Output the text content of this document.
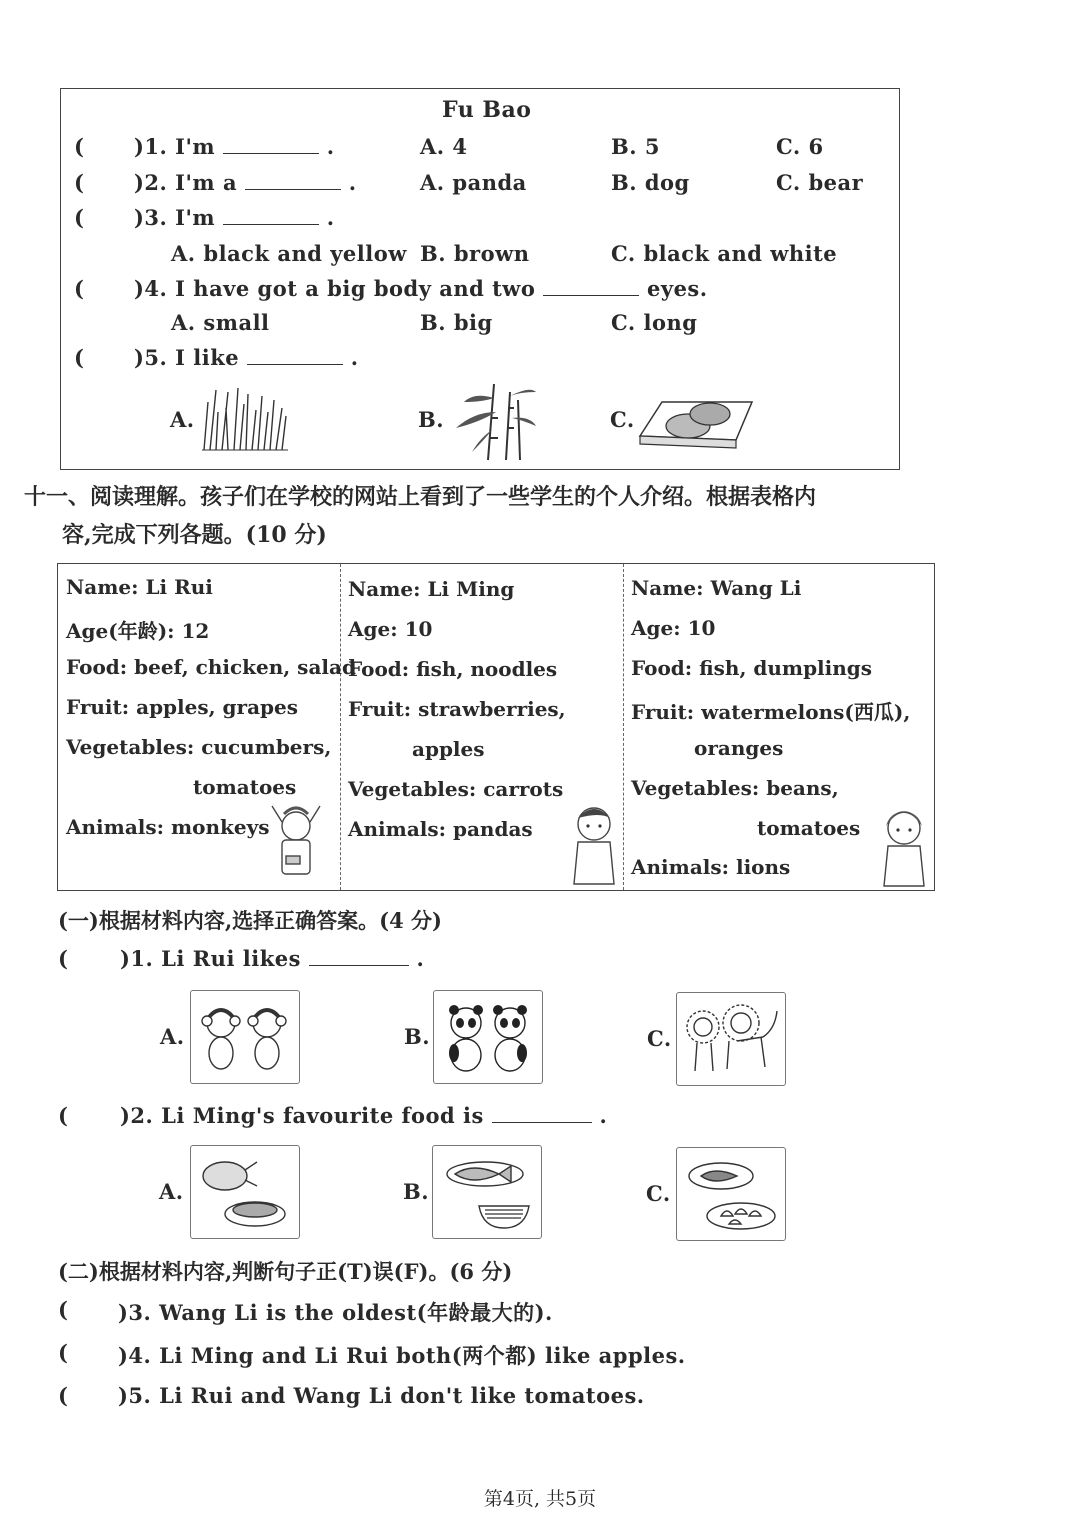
Fu Bao
( )1. I'm	.	A. 4	B. 5	C. 6
( )2. I'm a	.	A. panda	B. dog	C. bear
( )3. I'm	.
A. black and yellow B. brown	C. black and white
( )4. I have got a big body and two	eyes.
A. small	B. big	C. long
( )5. I like	.
A.	B.	C.
十一、阅读理解。孩子们在学校的网站上看到了一些学生的个人介绍。根据表格内
容,完成下列各题。(10 分)
Name: Li Rui
Age(年龄): 12
Food: beef, chicken, salad
Fruit: apples, grapes
Vegetables: cucumbers,
tomatoes
Animals: monkeys
Name: Li Ming
Age: 10
Food: fish, noodles
Fruit: strawberries,
apples
Vegetables: carrots
Animals: pandas
Name: Wang Li
Age: 10
Food: fish, dumplings
Fruit: watermelons(西瓜),
oranges
Vegetables: beans,
tomatoes
Animals: lions
(一)根据材料内容,选择正确答案。(4 分)
( )1. Li Rui likes	.
A.	B.	C.
( )2. Li Ming's favourite food is	.
A.	B.	C.
(二)根据材料内容,判断句子正(T)误(F)。(6 分)
( )3. Wang Li is the oldest(年龄最大的).
( )4. Li Ming and Li Rui both(两个都) like apples.
( )5. Li Rui and Wang Li don't like tomatoes.
第4页, 共5页
